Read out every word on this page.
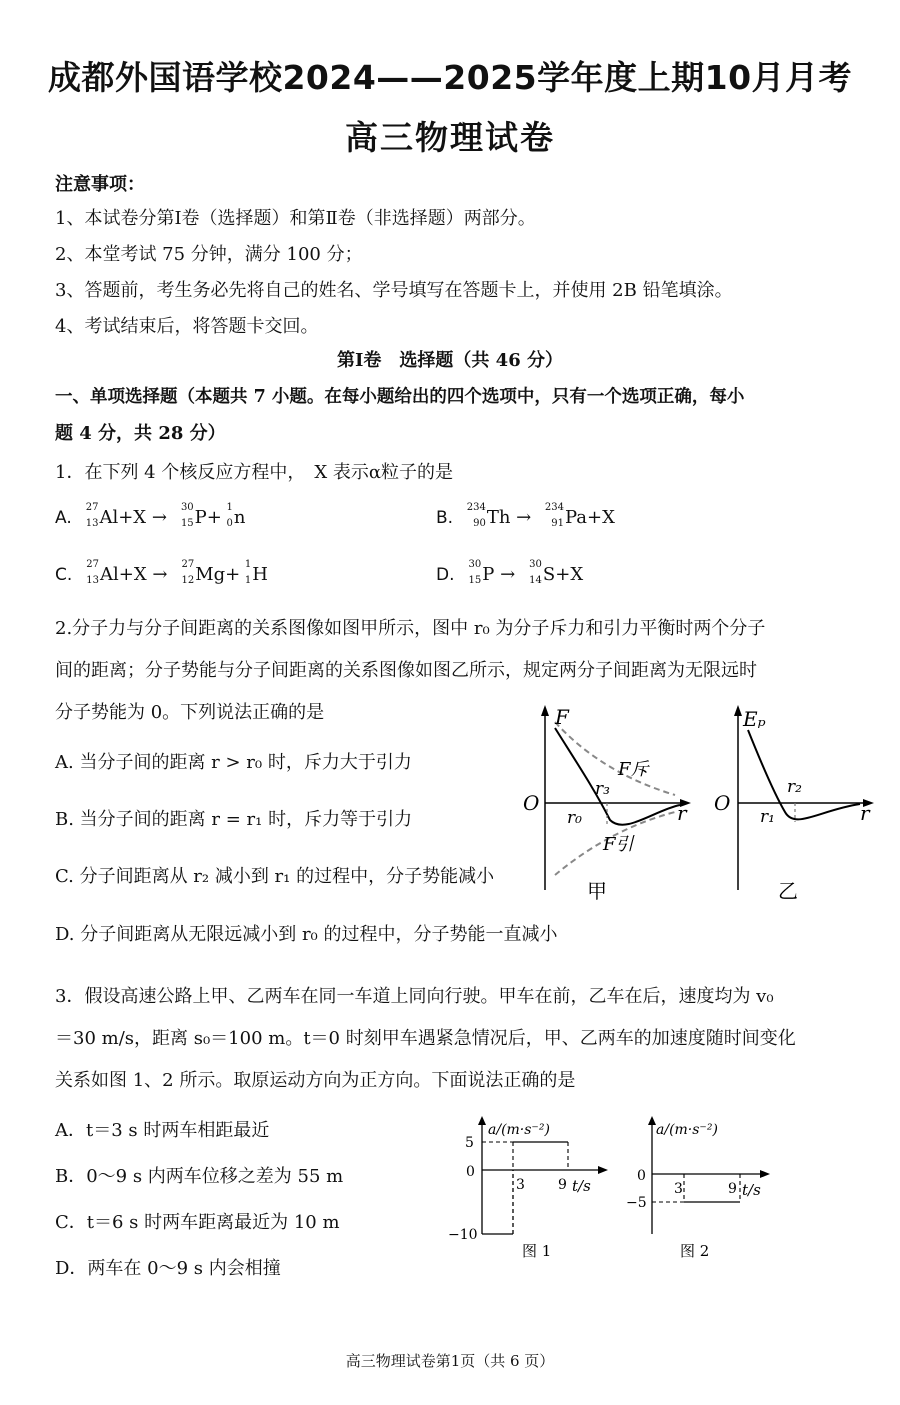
成都外国语学校2024——2025学年度上期10月月考
高三物理试卷
注意事项：
1、本试卷分第Ⅰ卷（选择题）和第Ⅱ卷（非选择题）两部分。
2、本堂考试 75 分钟，满分 100 分；
3、答题前，考生务必先将自己的姓名、学号填写在答题卡上，并使用 2B 铅笔填涂。
4、考试结束后，将答题卡交回。
第Ⅰ卷　选择题（共 46 分）
一、单项选择题（本题共 7 小题。在每小题给出的四个选项中，只有一个选项正确，每小
题 4 分，共 28 分）
1．在下列 4 个核反应方程中，　X 表示α粒子的是
A.
27
13 Al+X → 30
15 P+ 1
0 n	B.
234
90 Th → 234
91 Pa+X
C.
27
13 Al+X → 27
12 Mg+ 1
1 H	D.
30
15 P → 30
14 S+X
2.分子力与分子间距离的关系图像如图甲所示，图中 r₀ 为分子斥力和引力平衡时两个分子
间的距离；分子势能与分子间距离的关系图像如图乙所示，规定两分子间距离为无限远时
分子势能为 0。下列说法正确的是
A. 当分子间的距离 r > r₀ 时，斥力大于引力
B. 当分子间的距离 r = r₁ 时，斥力等于引力
C. 分子间距离从 r₂ 减小到 r₁ 的过程中，分子势能减小
D. 分子间距离从无限远减小到 r₀ 的过程中，分子势能一直减小
F
O	r
r₀
r₃
F斥
F引
甲
Eₚ
O	r
r₁
r₂
乙
3．假设高速公路上甲、乙两车在同一车道上同向行驶。甲车在前，乙车在后，速度均为 v₀
＝30 m/s，距离 s₀＝100 m。t＝0 时刻甲车遇紧急情况后，甲、乙两车的加速度随时间变化
关系如图 1、2 所示。取原运动方向为正方向。下面说法正确的是
A．t＝3 s 时两车相距最近
B．0～9 s 内两车位移之差为 55 m
C．t＝6 s 时两车距离最近为 10 m
D．两车在 0～9 s 内会相撞
a/(m·s⁻²)
5
0
−10
3 9 t/s
图 1
a/(m·s⁻²)
0
−5
3	9 t/s
图 2
高三物理试卷第1页（共 6 页）
